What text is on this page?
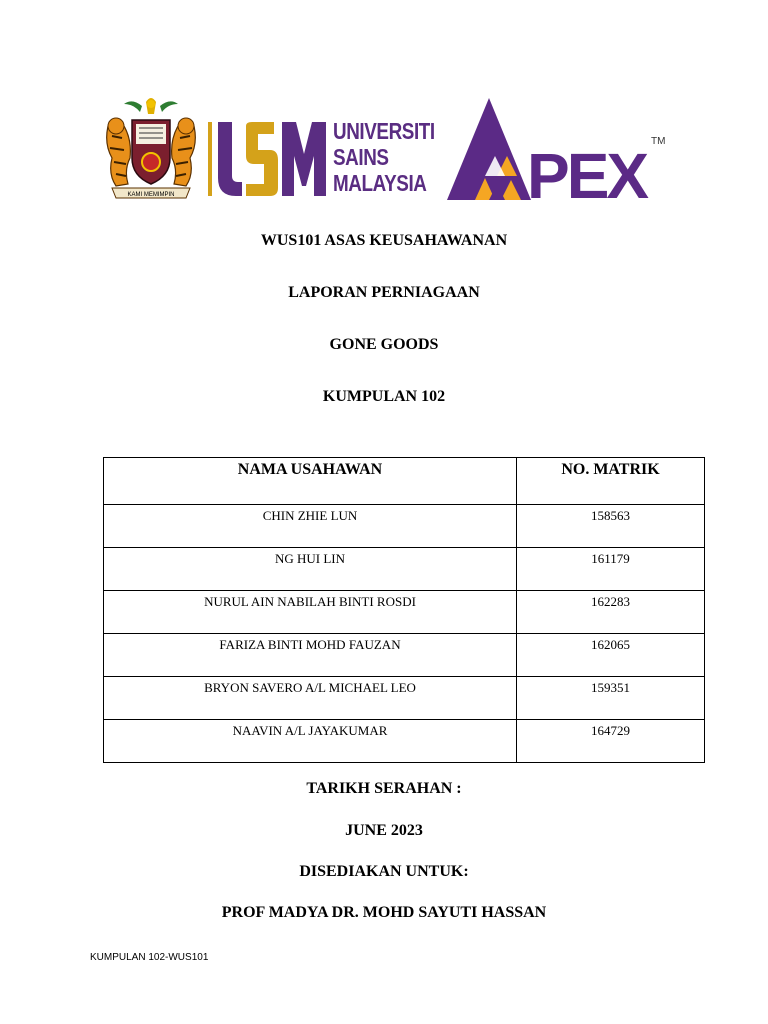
KAMI MEMIMPIN
UNIVERSITI
SAINS
MALAYSIA PEX TM
WUS101 ASAS KEUSAHAWANAN
LAPORAN PERNIAGAAN
GONE GOODS
KUMPULAN 102
NAMA USAHAWAN	NO. MATRIK
CHIN ZHIE LUN	158563
NG HUI LIN	161179
NURUL AIN NABILAH BINTI ROSDI	162283
FARIZA BINTI MOHD FAUZAN	162065
BRYON SAVERO A/L MICHAEL LEO	159351
NAAVIN A/L JAYAKUMAR	164729
TARIKH SERAHAN :
JUNE 2023
DISEDIAKAN UNTUK:
PROF MADYA DR. MOHD SAYUTI HASSAN
KUMPULAN 102-WUS101
